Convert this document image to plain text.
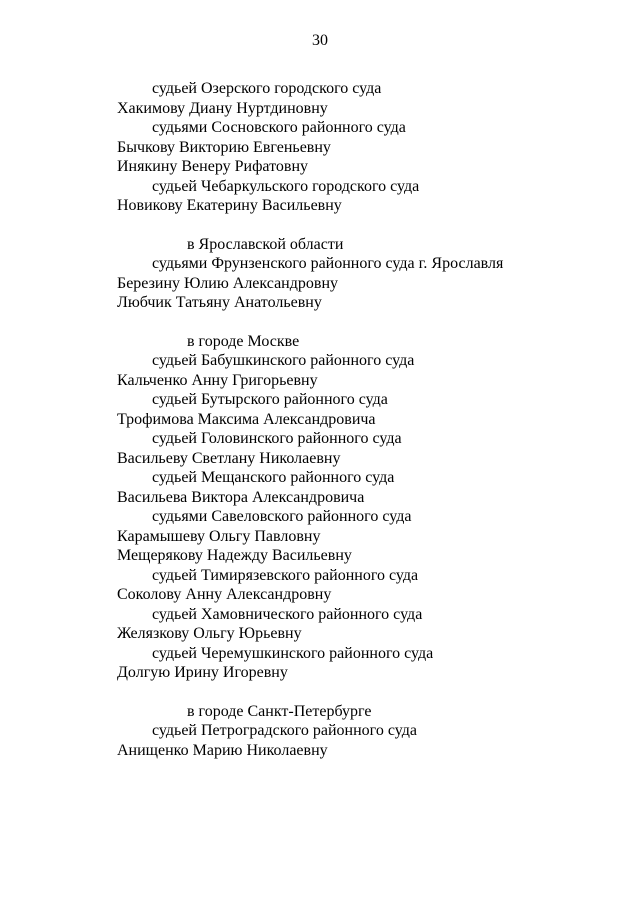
30
судьей Озерского городского суда
Хакимову Диану Нуртдиновну
судьями Сосновского районного суда
Бычкову Викторию Евгеньевну
Инякину Венеру Рифатовну
судьей Чебаркульского городского суда
Новикову Екатерину Васильевну
в Ярославской области
судьями Фрунзенского районного суда г. Ярославля
Березину Юлию Александровну
Любчик Татьяну Анатольевну
в городе Москве
судьей Бабушкинского районного суда
Кальченко Анну Григорьевну
судьей Бутырского районного суда
Трофимова Максима Александровича
судьей Головинского районного суда
Васильеву Светлану Николаевну
судьей Мещанского районного суда
Васильева Виктора Александровича
судьями Савеловского районного суда
Карамышеву Ольгу Павловну
Мещерякову Надежду Васильевну
судьей Тимирязевского районного суда
Соколову Анну Александровну
судьей Хамовнического районного суда
Желязкову Ольгу Юрьевну
судьей Черемушкинского районного суда
Долгую Ирину Игоревну
в городе Санкт-Петербурге
судьей Петроградского районного суда
Анищенко Марию Николаевну
